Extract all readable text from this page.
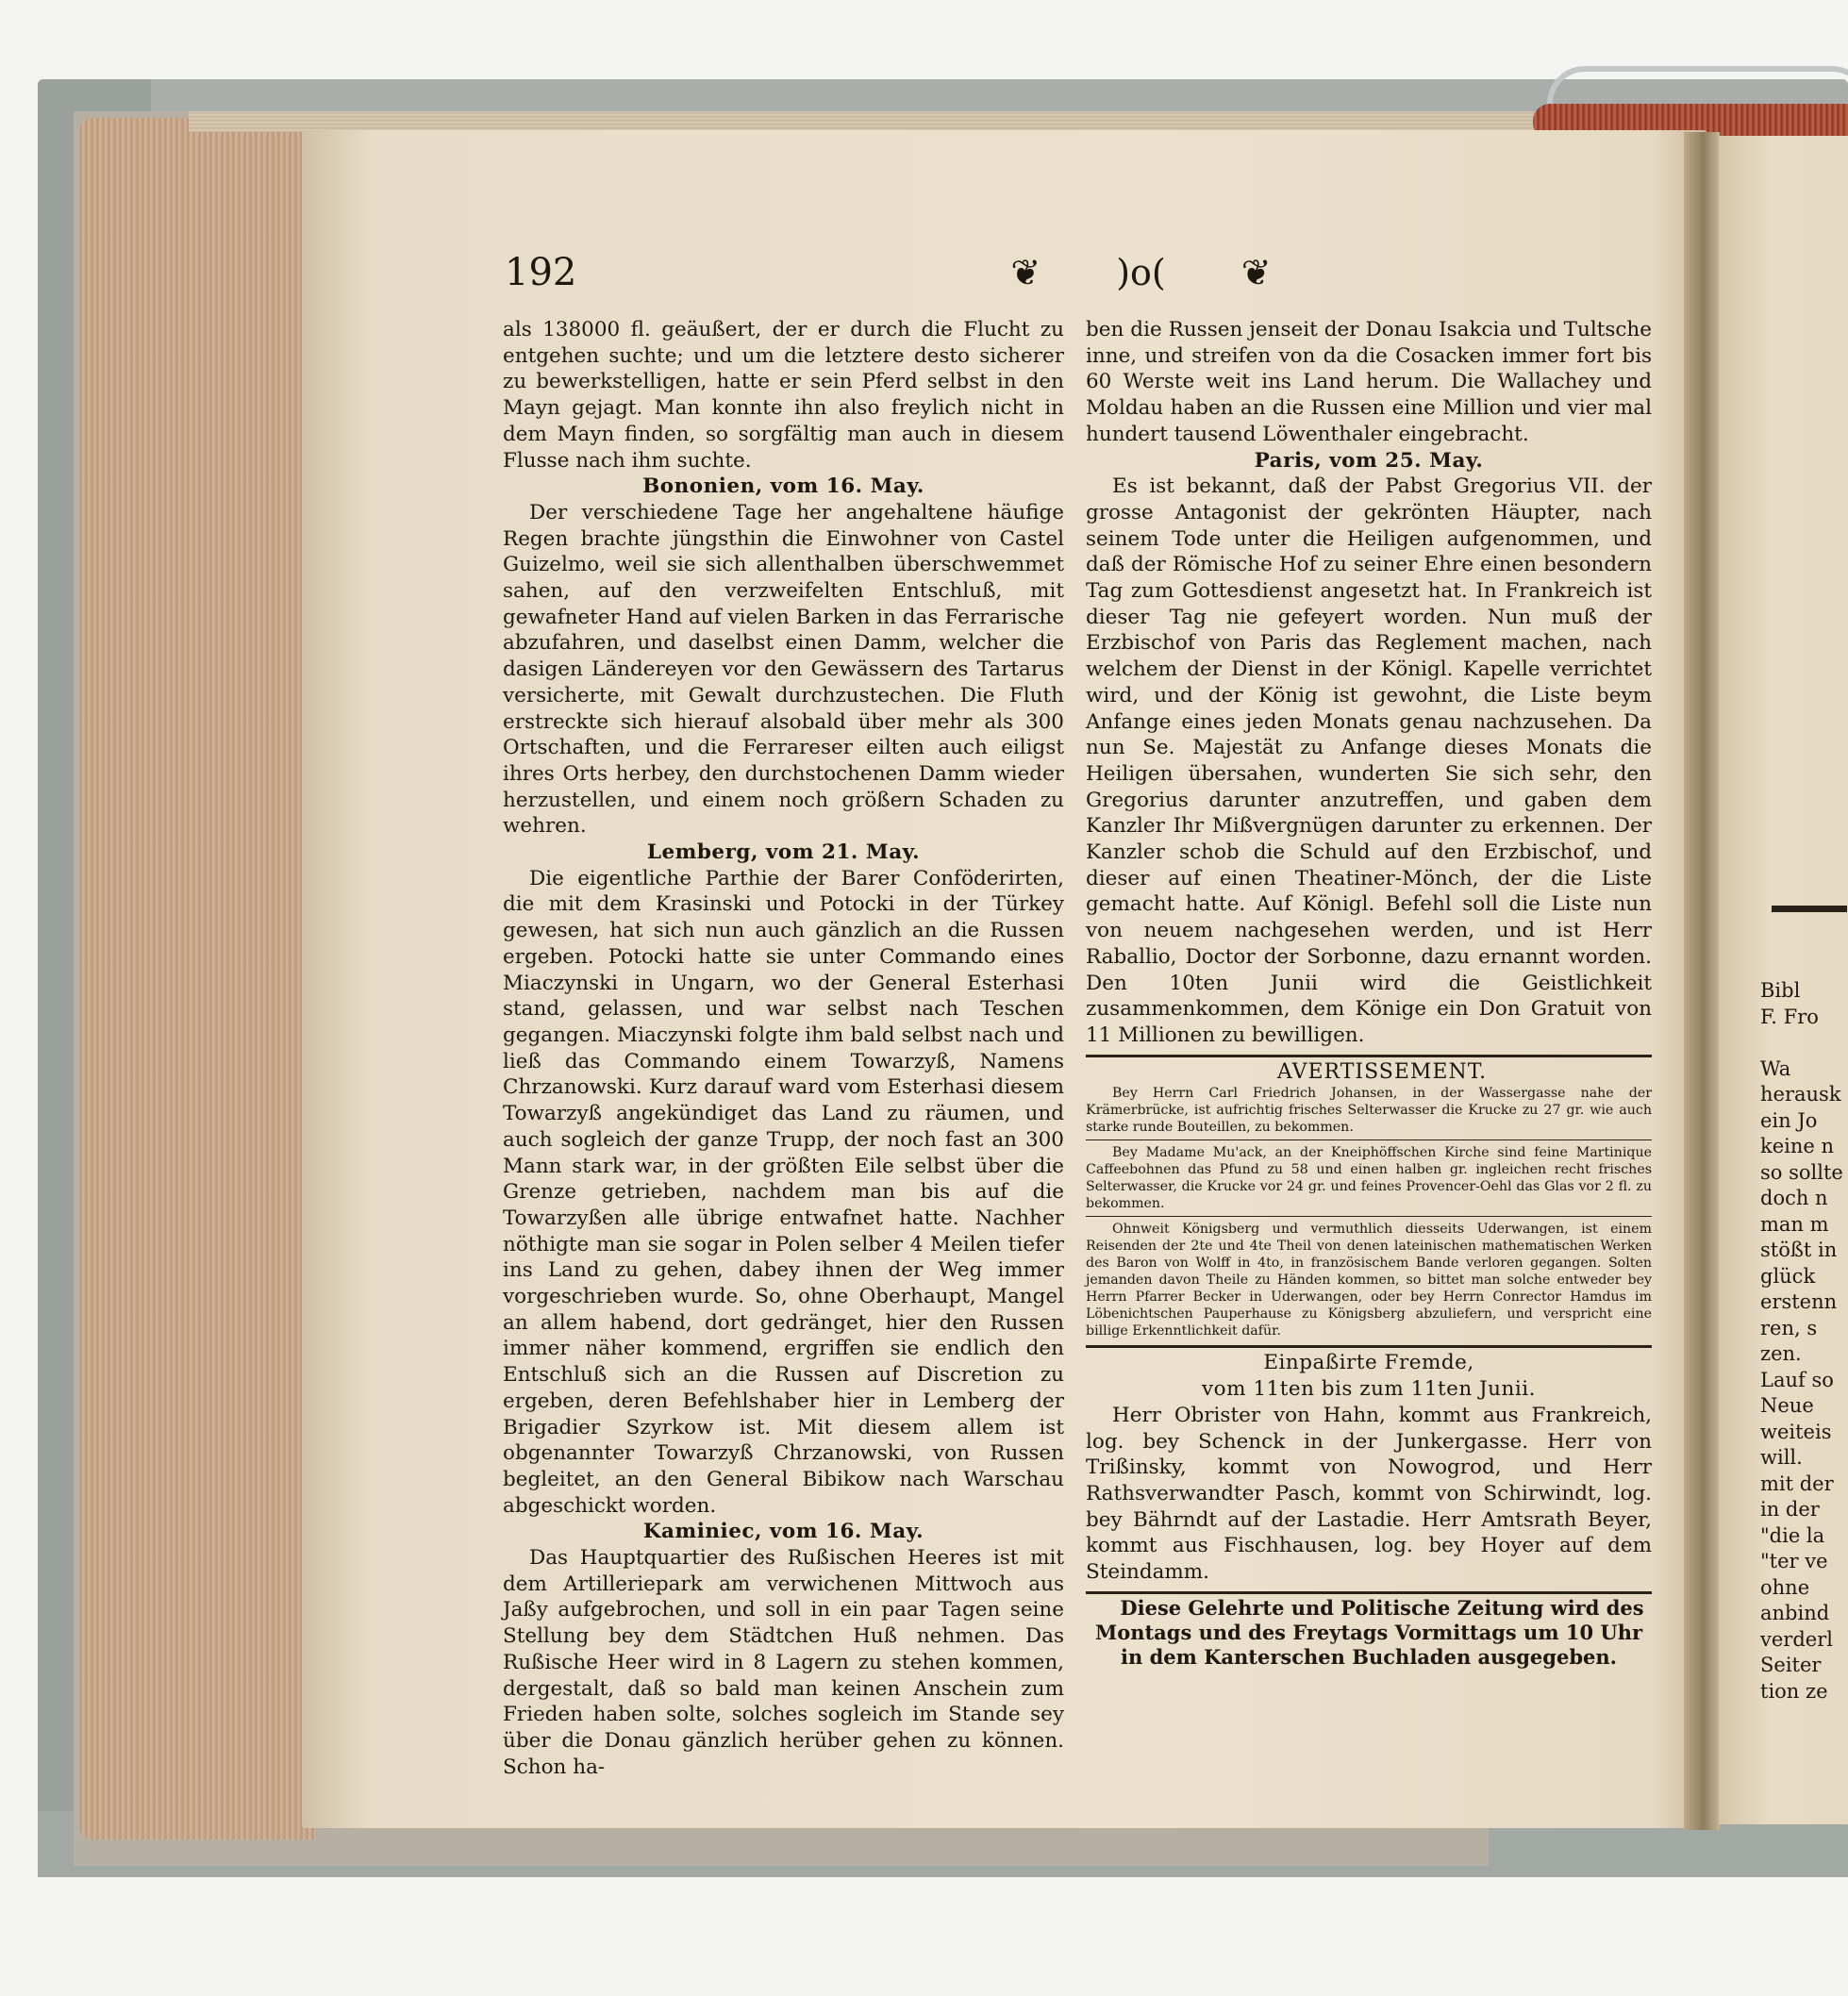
192	❦ )o( ❦

als 138000 fl. geäußert, der er durch die Flucht zu entgehen suchte; und um die letztere desto sicherer zu bewerkstelligen, hatte er sein Pferd selbst in den Mayn gejagt. Man konnte ihn also freylich nicht in dem Mayn finden, so sorgfältig man auch in diesem Flusse nach ihm suchte.

Bononien, vom 16. May.

Der verschiedene Tage her angehaltene häufige Regen brachte jüngsthin die Einwohner von Castel Guizelmo, weil sie sich allenthalben überschwemmet sahen, auf den verzweifelten Entschluß, mit gewafneter Hand auf vielen Barken in das Ferrarische abzufahren, und daselbst einen Damm, welcher die dasigen Ländereyen vor den Gewässern des Tartarus versicherte, mit Gewalt durchzustechen. Die Fluth erstreckte sich hierauf alsobald über mehr als 300 Ortschaften, und die Ferrareser eilten auch eiligst ihres Orts herbey, den durchstochenen Damm wieder herzustellen, und einem noch größern Schaden zu wehren.

Lemberg, vom 21. May.

Die eigentliche Parthie der Barer Conföderirten, die mit dem Krasinski und Potocki in der Türkey gewesen, hat sich nun auch gänzlich an die Russen ergeben. Potocki hatte sie unter Commando eines Miaczynski in Ungarn, wo der General Esterhasi stand, gelassen, und war selbst nach Teschen gegangen. Miaczynski folgte ihm bald selbst nach und ließ das Commando einem Towarzyß, Namens Chrzanowski. Kurz darauf ward vom Esterhasi diesem Towarzyß angekündiget das Land zu räumen, und auch sogleich der ganze Trupp, der noch fast an 300 Mann stark war, in der größten Eile selbst über die Grenze getrieben, nachdem man bis auf die Towarzyßen alle übrige entwafnet hatte. Nachher nöthigte man sie sogar in Polen selber 4 Meilen tiefer ins Land zu gehen, dabey ihnen der Weg immer vorgeschrieben wurde. So, ohne Oberhaupt, Mangel an allem habend, dort gedränget, hier den Russen immer näher kommend, ergriffen sie endlich den Entschluß sich an die Russen auf Discretion zu ergeben, deren Befehlshaber hier in Lemberg der Brigadier Szyrkow ist. Mit diesem allem ist obgenannter Towarzyß Chrzanowski, von Russen begleitet, an den General Bibikow nach Warschau abgeschickt worden.

Kaminiec, vom 16. May.

Das Hauptquartier des Rußischen Heeres ist mit dem Artilleriepark am verwichenen Mittwoch aus Jaßy aufgebrochen, und soll in ein paar Tagen seine Stellung bey dem Städtchen Huß nehmen. Das Rußische Heer wird in 8 Lagern zu stehen kommen, dergestalt, daß so bald man keinen Anschein zum Frieden haben solte, solches sogleich im Stande sey über die Donau gänzlich herüber gehen zu können. Schon ha-

ben die Russen jenseit der Donau Isakcia und Tultsche inne, und streifen von da die Cosacken immer fort bis 60 Werste weit ins Land herum. Die Wallachey und Moldau haben an die Russen eine Million und vier mal hundert tausend Löwenthaler eingebracht.

Paris, vom 25. May.

Es ist bekannt, daß der Pabst Gregorius VII. der grosse Antagonist der gekrönten Häupter, nach seinem Tode unter die Heiligen aufgenommen, und daß der Römische Hof zu seiner Ehre einen besondern Tag zum Gottesdienst angesetzt hat. In Frankreich ist dieser Tag nie gefeyert worden. Nun muß der Erzbischof von Paris das Reglement machen, nach welchem der Dienst in der Königl. Kapelle verrichtet wird, und der König ist gewohnt, die Liste beym Anfange eines jeden Monats genau nachzusehen. Da nun Se. Majestät zu Anfange dieses Monats die Heiligen übersahen, wunderten Sie sich sehr, den Gregorius darunter anzutreffen, und gaben dem Kanzler Ihr Mißvergnügen darunter zu erkennen. Der Kanzler schob die Schuld auf den Erzbischof, und dieser auf einen Theatiner-Mönch, der die Liste gemacht hatte. Auf Königl. Befehl soll die Liste nun von neuem nachgesehen werden, und ist Herr Raballio, Doctor der Sorbonne, dazu ernannt worden. Den 10ten Junii wird die Geistlichkeit zusammenkommen, dem Könige ein Don Gratuit von 11 Millionen zu bewilligen.

AVERTISSEMENT.

Bey Herrn Carl Friedrich Johansen, in der Wassergasse nahe der Krämerbrücke, ist aufrichtig frisches Selterwasser die Krucke zu 27 gr. wie auch starke runde Bouteillen, zu bekommen.

Bey Madame Mu'ack, an der Kneiphöffschen Kirche sind feine Martinique Caffeebohnen das Pfund zu 58 und einen halben gr. ingleichen recht frisches Selterwasser, die Krucke vor 24 gr. und feines Provencer-Oehl das Glas vor 2 fl. zu bekommen.

Ohnweit Königsberg und vermuthlich diesseits Uderwangen, ist einem Reisenden der 2te und 4te Theil von denen lateinischen mathematischen Werken des Baron von Wolff in 4to, in französischem Bande verloren gegangen. Solten jemanden davon Theile zu Händen kommen, so bittet man solche entweder bey Herrn Pfarrer Becker in Uderwangen, oder bey Herrn Conrector Hamdus im Löbenichtschen Pauperhause zu Königsberg abzuliefern, und verspricht eine billige Erkenntlichkeit dafür.

Einpaßirte Fremde,

vom 11ten bis zum 11ten Junii.

Herr Obrister von Hahn, kommt aus Frankreich, log. bey Schenck in der Junkergasse. Herr von Trißinsky, kommt von Nowogrod, und Herr Rathsverwandter Pasch, kommt von Schirwindt, log. bey Bährndt auf der Lastadie. Herr Amtsrath Beyer, kommt aus Fischhausen, log. bey Hoyer auf dem Steindamm.

Diese Gelehrte und Politische Zeitung wird des Montags und des Freytags Vormittags um 10 Uhr in dem Kanterschen Buchladen ausgegeben.

Bibl
F. Fro

Wa
herausk
ein Jo
keine n
so sollte
doch n
man m
stößt in
glück
erstenn
ren, s
zen.
Lauf so
Neue
weiteis
will.
mit der
in der
"die la
"ter ve
ohne
anbind
verderl
Seiter
tion ze
